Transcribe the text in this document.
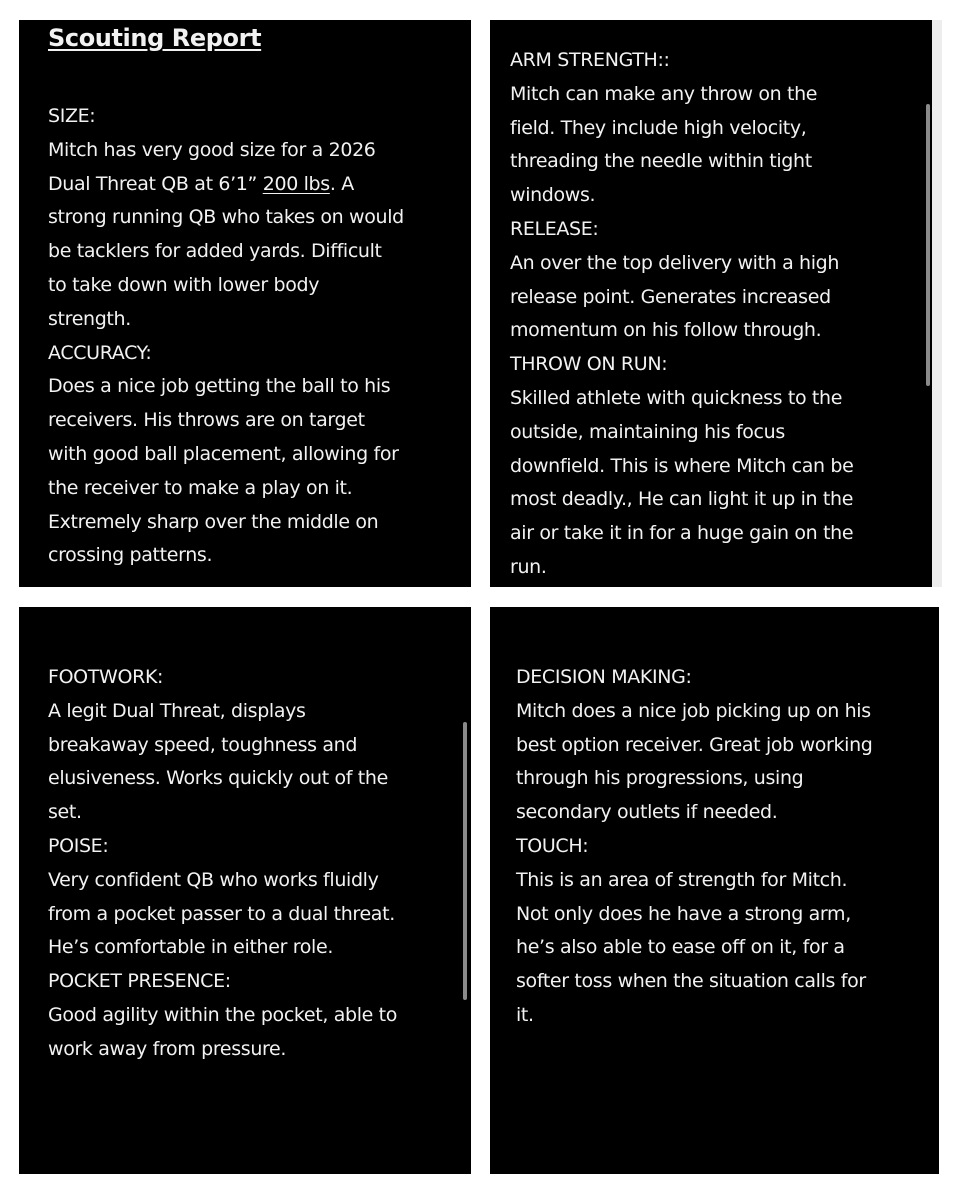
Scouting Report
SIZE:
Mitch has very good size for a 2026
Dual Threat QB at 6’1” 200 lbs. A
strong running QB who takes on would
be tacklers for added yards. Difficult
to take down with lower body
strength.
ACCURACY:
Does a nice job getting the ball to his
receivers. His throws are on target
with good ball placement, allowing for
the receiver to make a play on it.
Extremely sharp over the middle on
crossing patterns.
ARM STRENGTH::
Mitch can make any throw on the
field. They include high velocity,
threading the needle within tight
windows.
RELEASE:
An over the top delivery with a high
release point. Generates increased
momentum on his follow through.
THROW ON RUN:
Skilled athlete with quickness to the
outside, maintaining his focus
downfield. This is where Mitch can be
most deadly., He can light it up in the
air or take it in for a huge gain on the
run.
FOOTWORK:
A legit Dual Threat, displays
breakaway speed, toughness and
elusiveness. Works quickly out of the
set.
POISE:
Very confident QB who works fluidly
from a pocket passer to a dual threat.
He’s comfortable in either role.
POCKET PRESENCE:
Good agility within the pocket, able to
work away from pressure.
DECISION MAKING:
Mitch does a nice job picking up on his
best option receiver. Great job working
through his progressions, using
secondary outlets if needed.
TOUCH:
This is an area of strength for Mitch.
Not only does he have a strong arm,
he’s also able to ease off on it, for a
softer toss when the situation calls for
it.
